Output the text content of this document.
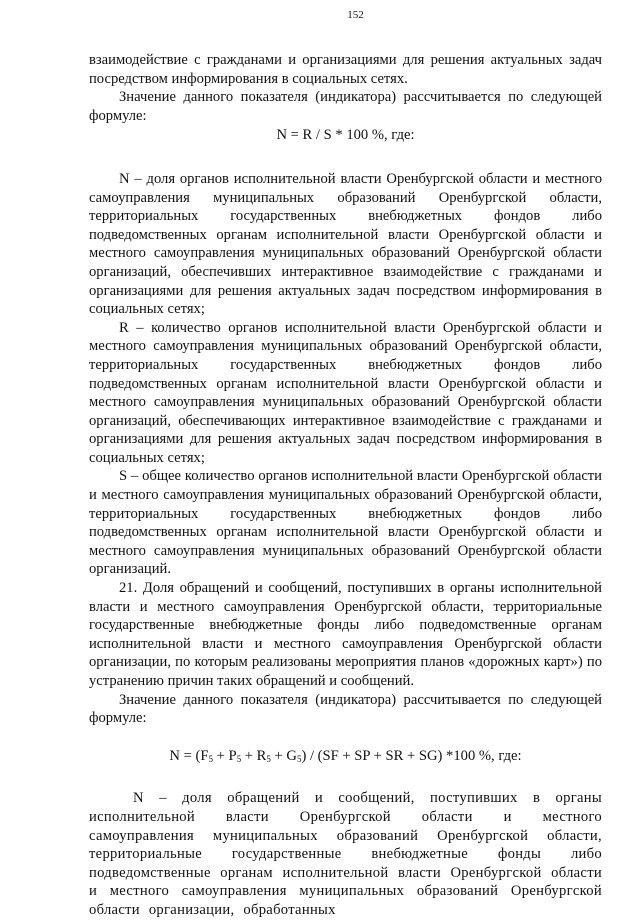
152

взаимодействие с гражданами и организациями для решения актуальных задач посредством информирования в социальных сетях.

Значение данного показателя (индикатора) рассчитывается по следующей формуле:

N = R / S * 100 %, где:

N – доля органов исполнительной власти Оренбургской области и местного самоуправления муниципальных образований Оренбургской области, территориальных государственных внебюджетных фондов либо подведомственных органам исполнительной власти Оренбургской области и местного самоуправления муниципальных образований Оренбургской области организаций, обеспечивших интерактивное взаимодействие с гражданами и организациями для решения актуальных задач посредством информирования в социальных сетях;

R – количество органов исполнительной власти Оренбургской области и местного самоуправления муниципальных образований Оренбургской области, территориальных государственных внебюджетных фондов либо подведомственных органам исполнительной власти Оренбургской области и местного самоуправления муниципальных образований Оренбургской области организаций, обеспечивающих интерактивное взаимодействие с гражданами и организациями для решения актуальных задач посредством информирования в социальных сетях;

S – общее количество органов исполнительной власти Оренбургской области и местного самоуправления муниципальных образований Оренбургской области, территориальных государственных внебюджетных фондов либо подведомственных органам исполнительной власти Оренбургской области и местного самоуправления муниципальных образований Оренбургской области организаций.

21. Доля обращений и сообщений, поступивших в органы исполнительной власти и местного самоуправления Оренбургской области, территориальные государственные внебюджетные фонды либо подведомственные органам исполнительной власти и местного самоуправления Оренбургской области организации, по которым реализованы мероприятия планов «дорожных карт») по устранению причин таких обращений и сообщений.

Значение данного показателя (индикатора) рассчитывается по следующей формуле:

$N = (F_5 + P_5 + R_5 + G_5) / (SF$ + SP + SR + SG) *100 %, где:

N – доля обращений и сообщений, поступивших в органы исполнительной власти Оренбургской области и местного самоуправления муниципальных образований Оренбургской области, территориальные государственные внебюджетные фонды либо подведомственные органам исполнительной власти Оренбургской области и местного самоуправления муниципальных образований Оренбургской области организации, обработанных
